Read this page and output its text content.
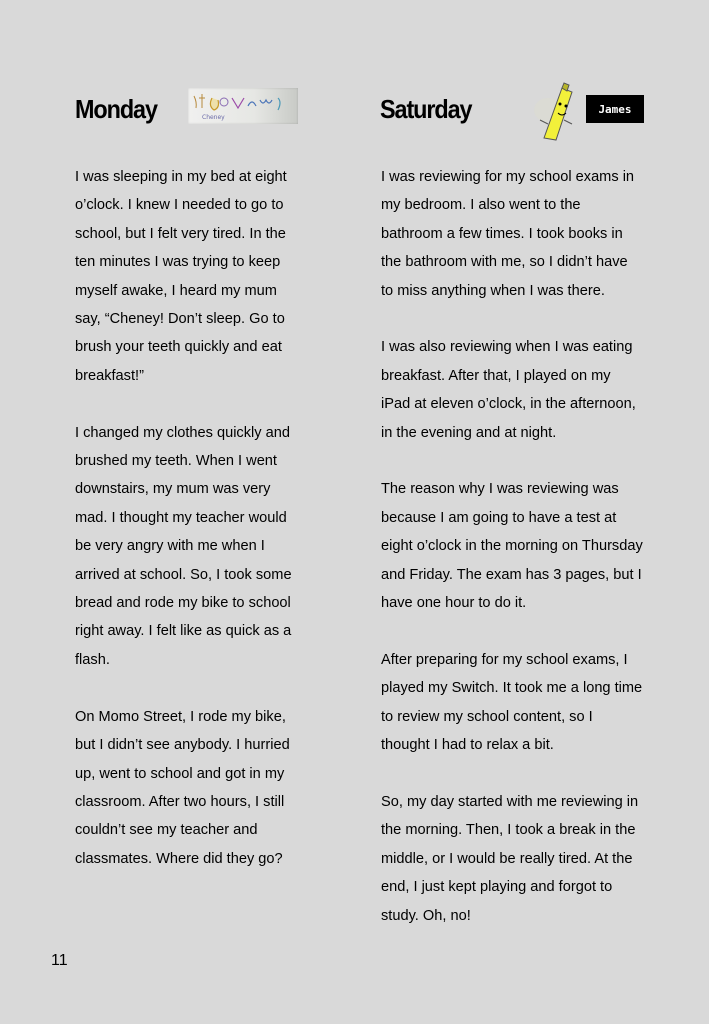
Monday	Cheney

I was sleeping in my bed at eight o’clock. I knew I needed to go to school, but I felt very tired. In the ten minutes I was trying to keep myself awake, I heard my mum say, “Cheney! Don’t sleep. Go to brush your teeth quickly and eat breakfast!”

I changed my clothes quickly and brushed my teeth. When I went downstairs, my mum was very mad. I thought my teacher would be very angry with me when I arrived at school. So, I took some bread and rode my bike to school right away. I felt like as quick as a flash.

On Momo Street, I rode my bike, but I didn’t see anybody. I hurried up, went to school and got in my classroom. After two hours, I still couldn’t see my teacher and classmates. Where did they go?

Saturday	James

I was reviewing for my school exams in my bedroom. I also went to the bathroom a few times. I took books in the bathroom with me, so I didn’t have to miss anything when I was there.

I was also reviewing when I was eating breakfast. After that, I played on my iPad at eleven o’clock, in the afternoon, in the evening and at night.

The reason why I was reviewing was because I am going to have a test at eight o’clock in the morning on Thursday and Friday. The exam has 3 pages, but I have one hour to do it.

After preparing for my school exams, I played my Switch. It took me a long time to review my school content, so I thought I had to relax a bit.

So, my day started with me reviewing in the morning. Then, I took a break in the middle, or I would be really tired. At the end, I just kept playing and forgot to study. Oh, no!

11
